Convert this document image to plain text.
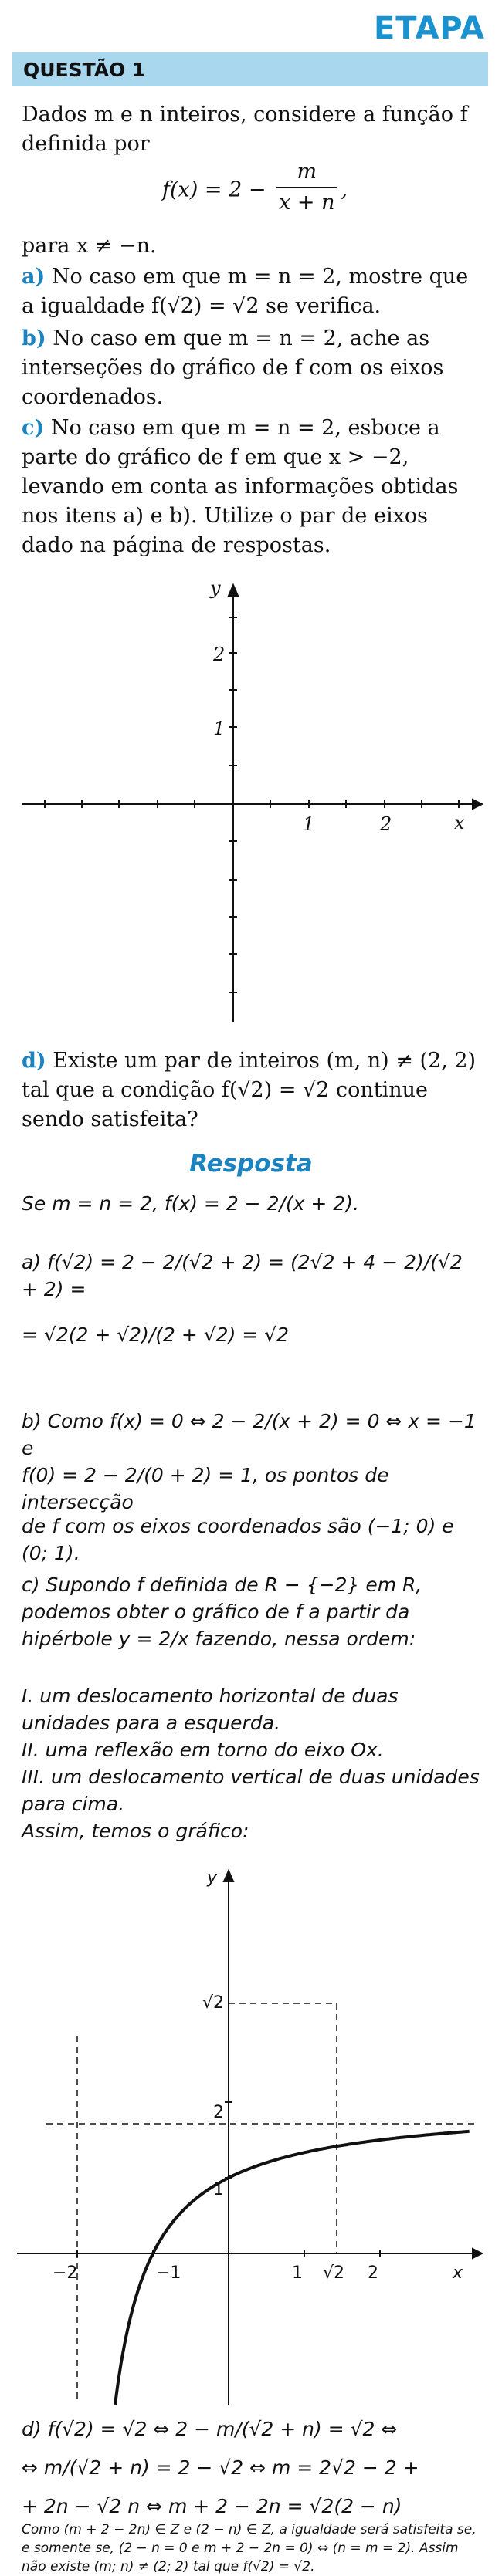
ETAPA
QUESTÃO 1
Dados m e n inteiros, considere a função f definida por
$f(x) = 2 - \frac{m}{x + n}$ ,
para x ≠ −n.
a) No caso em que m = n = 2, mostre que a igualdade f(√2) = √2 se verifica.
b) No caso em que m = n = 2, ache as interseções do gráfico de f com os eixos coordenados.
c) No caso em que m = n = 2, esboce a parte do gráfico de f em que x > −2, levando em conta as informações obtidas nos itens a) e b). Utilize o par de eixos dado na página de respostas.
y
x
1	2
1
2
d) Existe um par de inteiros (m, n) ≠ (2, 2) tal que a condição f(√2) = √2 continue sendo satisfeita?
Resposta
Se m = n = 2, f(x) = 2 − 2/(x + 2).
a) f(√2) = 2 − 2/(√2 + 2) = (2√2 + 4 − 2)/(√2 + 2) =
= √2(2 + √2)/(2 + √2) = √2
b) Como f(x) = 0 ⇔ 2 − 2/(x + 2) = 0 ⇔ x = −1 e
f(0) = 2 − 2/(0 + 2) = 1, os pontos de intersecção
de f com os eixos coordenados são (−1; 0) e (0; 1).
c) Supondo f definida de R − {−2} em R, podemos obter o gráfico de f a partir da hipérbole y = 2/x fazendo, nessa ordem:
I. um deslocamento horizontal de duas unidades para a esquerda.
II. uma reflexão em torno do eixo Ox.
III. um deslocamento vertical de duas unidades para cima.
Assim, temos o gráfico:
y
x
−2	−1	1 √2 2
1
√2
2
d) f(√2) = √2 ⇔ 2 − m/(√2 + n) = √2 ⇔
⇔ m/(√2 + n) = 2 − √2 ⇔ m = 2√2 − 2 +
+ 2n − √2 n ⇔ m + 2 − 2n = √2(2 − n)
Como (m + 2 − 2n) ∈ Z e (2 − n) ∈ Z, a igualdade será satisfeita se, e somente se, (2 − n = 0 e m + 2 − 2n = 0) ⇔ (n = m = 2). Assim não existe (m; n) ≠ (2; 2) tal que f(√2) = √2.
